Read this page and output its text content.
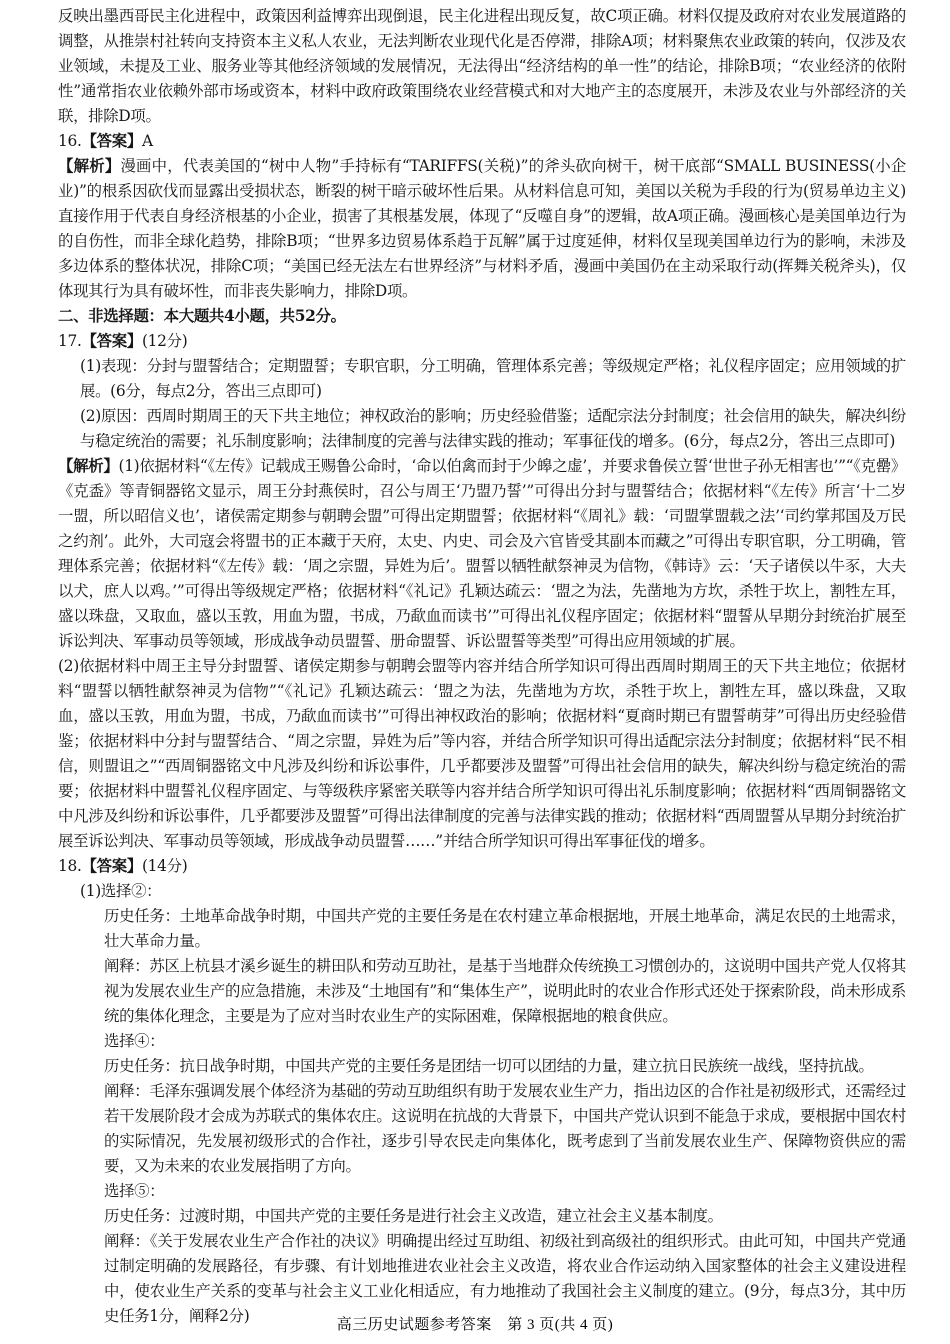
反映出墨西哥民主化进程中，政策因利益博弈出现倒退，民主化进程出现反复，故C项正确。材料仅提及政府对农业发展道路的调整，从推崇村社转向支持资本主义私人农业，无法判断农业现代化是否停滞，排除A项；材料聚焦农业政策的转向，仅涉及农业领域，未提及工业、服务业等其他经济领域的发展情况，无法得出“经济结构的单一性”的结论，排除B项；“农业经济的依附性”通常指农业依赖外部市场或资本，材料中政府政策围绕农业经营模式和对大地产主的态度展开，未涉及农业与外部经济的关联，排除D项。

16.【答案】A

【解析】漫画中，代表美国的“树中人物”手持标有“TARIFFS(关税)”的斧头砍向树干，树干底部“SMALL BUSINESS(小企业)”的根系因砍伐而显露出受损状态，断裂的树干暗示破坏性后果。从材料信息可知，美国以关税为手段的行为(贸易单边主义)直接作用于代表自身经济根基的小企业，损害了其根基发展，体现了“反噬自身”的逻辑，故A项正确。漫画核心是美国单边行为的自伤性，而非全球化趋势，排除B项；“世界多边贸易体系趋于瓦解”属于过度延伸，材料仅呈现美国单边行为的影响，未涉及多边体系的整体状况，排除C项；“美国已经无法左右世界经济”与材料矛盾，漫画中美国仍在主动采取行动(挥舞关税斧头)，仅体现其行为具有破坏性，而非丧失影响力，排除D项。

二、非选择题：本大题共4小题，共52分。

17.【答案】(12分)

(1)表现：分封与盟誓结合；定期盟誓；专职官职，分工明确，管理体系完善；等级规定严格；礼仪程序固定；应用领域的扩展。(6分，每点2分，答出三点即可)

(2)原因：西周时期周王的天下共主地位；神权政治的影响；历史经验借鉴；适配宗法分封制度；社会信用的缺失，解决纠纷与稳定统治的需要；礼乐制度影响；法律制度的完善与法律实践的推动；军事征伐的增多。(6分，每点2分，答出三点即可)

【解析】(1)依据材料“《左传》记载成王赐鲁公命时，‘命以伯禽而封于少皞之虚’，并要求鲁侯立誓‘世世子孙无相害也’”“《克罍》《克盉》等青铜器铭文显示，周王分封燕侯时，召公与周王‘乃盟乃誓’”可得出分封与盟誓结合；依据材料“《左传》所言‘十二岁一盟，所以昭信义也’，诸侯需定期参与朝聘会盟”可得出定期盟誓；依据材料“《周礼》载：‘司盟掌盟载之法’‘司约掌邦国及万民之约剂’。此外，大司寇会将盟书的正本藏于天府，太史、内史、司会及六官皆受其副本而藏之”可得出专职官职，分工明确，管理体系完善；依据材料“《左传》载：‘周之宗盟，异姓为后’。盟誓以牺牲献祭神灵为信物，《韩诗》云：‘天子诸侯以牛豕，大夫以犬，庶人以鸡。’”可得出等级规定严格；依据材料“《礼记》孔颖达疏云：‘盟之为法，先凿地为方坎，杀牲于坎上，割牲左耳，盛以珠盘，又取血，盛以玉敦，用血为盟，书成，乃歃血而读书’”可得出礼仪程序固定；依据材料“盟誓从早期分封统治扩展至诉讼判决、军事动员等领域，形成战争动员盟誓、册命盟誓、诉讼盟誓等类型”可得出应用领域的扩展。

(2)依据材料中周王主导分封盟誓、诸侯定期参与朝聘会盟等内容并结合所学知识可得出西周时期周王的天下共主地位；依据材料“盟誓以牺牲献祭神灵为信物”“《礼记》孔颖达疏云：‘盟之为法，先凿地为方坎，杀牲于坎上，割牲左耳，盛以珠盘，又取血，盛以玉敦，用血为盟，书成，乃歃血而读书’”可得出神权政治的影响；依据材料“夏商时期已有盟誓萌芽”可得出历史经验借鉴；依据材料中分封与盟誓结合、“周之宗盟，异姓为后”等内容，并结合所学知识可得出适配宗法分封制度；依据材料“民不相信，则盟诅之”“西周铜器铭文中凡涉及纠纷和诉讼事件，几乎都要涉及盟誓”可得出社会信用的缺失，解决纠纷与稳定统治的需要；依据材料中盟誓礼仪程序固定、与等级秩序紧密关联等内容并结合所学知识可得出礼乐制度影响；依据材料“西周铜器铭文中凡涉及纠纷和诉讼事件，几乎都要涉及盟誓”可得出法律制度的完善与法律实践的推动；依据材料“西周盟誓从早期分封统治扩展至诉讼判决、军事动员等领域，形成战争动员盟誓……”并结合所学知识可得出军事征伐的增多。

18.【答案】(14分)

(1)选择②：

历史任务：土地革命战争时期，中国共产党的主要任务是在农村建立革命根据地，开展土地革命，满足农民的土地需求，壮大革命力量。

阐释：苏区上杭县才溪乡诞生的耕田队和劳动互助社，是基于当地群众传统换工习惯创办的，这说明中国共产党人仅将其视为发展农业生产的应急措施，未涉及“土地国有”和“集体生产”，说明此时的农业合作形式还处于探索阶段，尚未形成系统的集体化理念，主要是为了应对当时农业生产的实际困难，保障根据地的粮食供应。

选择④：

历史任务：抗日战争时期，中国共产党的主要任务是团结一切可以团结的力量，建立抗日民族统一战线，坚持抗战。

阐释：毛泽东强调发展个体经济为基础的劳动互助组织有助于发展农业生产力，指出边区的合作社是初级形式，还需经过若干发展阶段才会成为苏联式的集体农庄。这说明在抗战的大背景下，中国共产党认识到不能急于求成，要根据中国农村的实际情况，先发展初级形式的合作社，逐步引导农民走向集体化，既考虑到了当前发展农业生产、保障物资供应的需要，又为未来的农业发展指明了方向。

选择⑤：

历史任务：过渡时期，中国共产党的主要任务是进行社会主义改造，建立社会主义基本制度。

阐释：《关于发展农业生产合作社的决议》明确提出经过互助组、初级社到高级社的组织形式。由此可知，中国共产党通过制定明确的发展路径，有步骤、有计划地推进农业社会主义改造，将农业合作运动纳入国家整体的社会主义建设进程中，使农业生产关系的变革与社会主义工业化相适应，有力地推动了我国社会主义制度的建立。(9分，每点3分，其中历史任务1分，阐释2分)	高三历史试题参考答案　第 3 页(共 4 页)
